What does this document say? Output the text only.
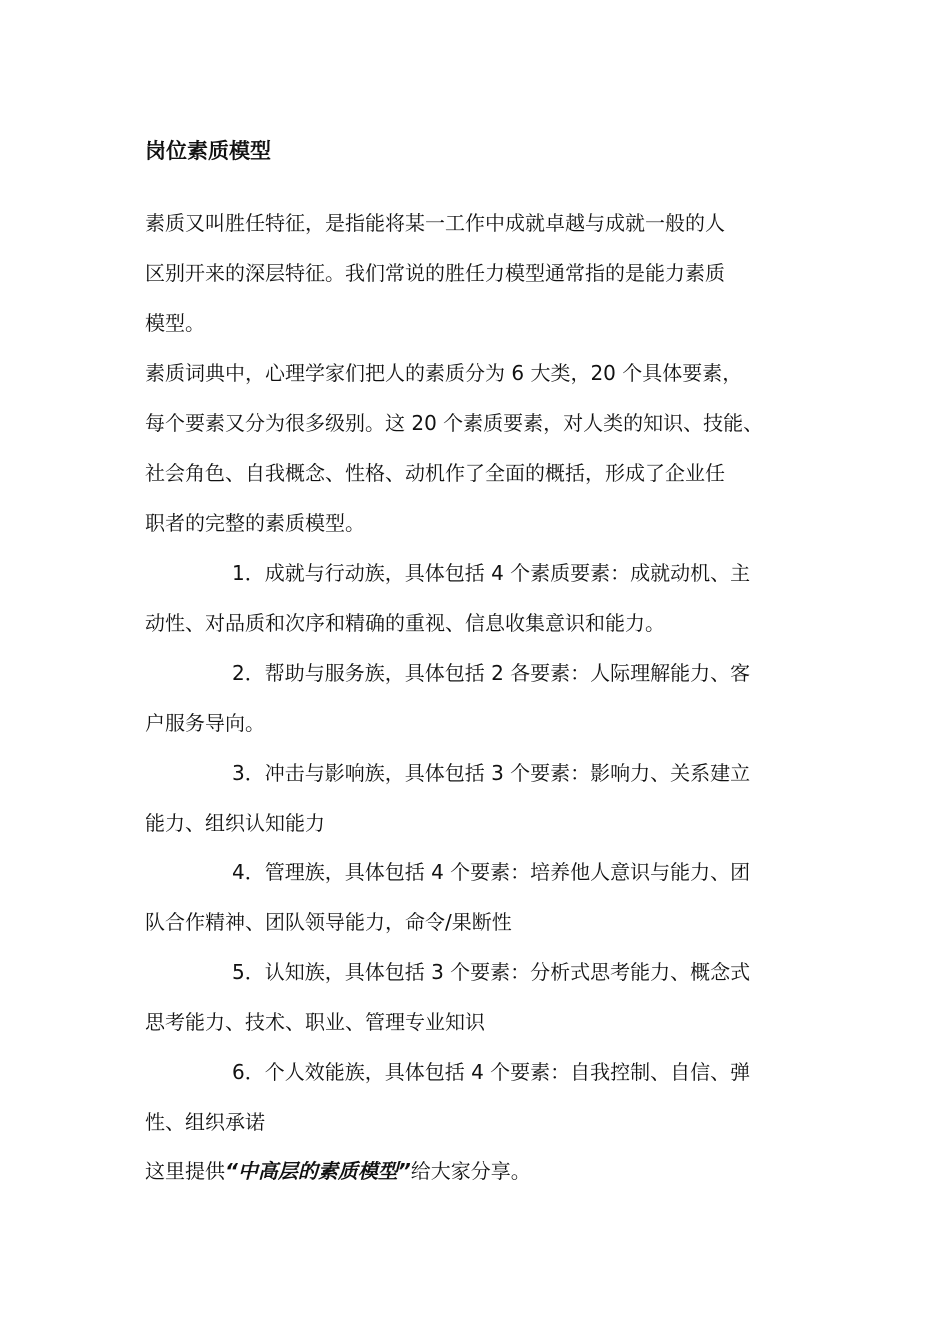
岗位素质模型
素质又叫胜任特征，是指能将某一工作中成就卓越与成就一般的人
区别开来的深层特征。我们常说的胜任力模型通常指的是能力素质
模型。
素质词典中，心理学家们把人的素质分为 6 大类，20 个具体要素，
每个要素又分为很多级别。这 20 个素质要素，对人类的知识、技能、
社会角色、自我概念、性格、动机作了全面的概括，形成了企业任
职者的完整的素质模型。
1．成就与行动族，具体包括 4 个素质要素：成就动机、主
动性、对品质和次序和精确的重视、信息收集意识和能力。
2．帮助与服务族，具体包括 2 各要素：人际理解能力、客
户服务导向。
3．冲击与影响族，具体包括 3 个要素：影响力、关系建立
能力、组织认知能力
4．管理族，具体包括 4 个要素：培养他人意识与能力、团
队合作精神、团队领导能力，命令/果断性
5．认知族，具体包括 3 个要素：分析式思考能力、概念式
思考能力、技术、职业、管理专业知识
6．个人效能族，具体包括 4 个要素：自我控制、自信、弹
性、组织承诺
这里提供“中高层的素质模型”给大家分享。
